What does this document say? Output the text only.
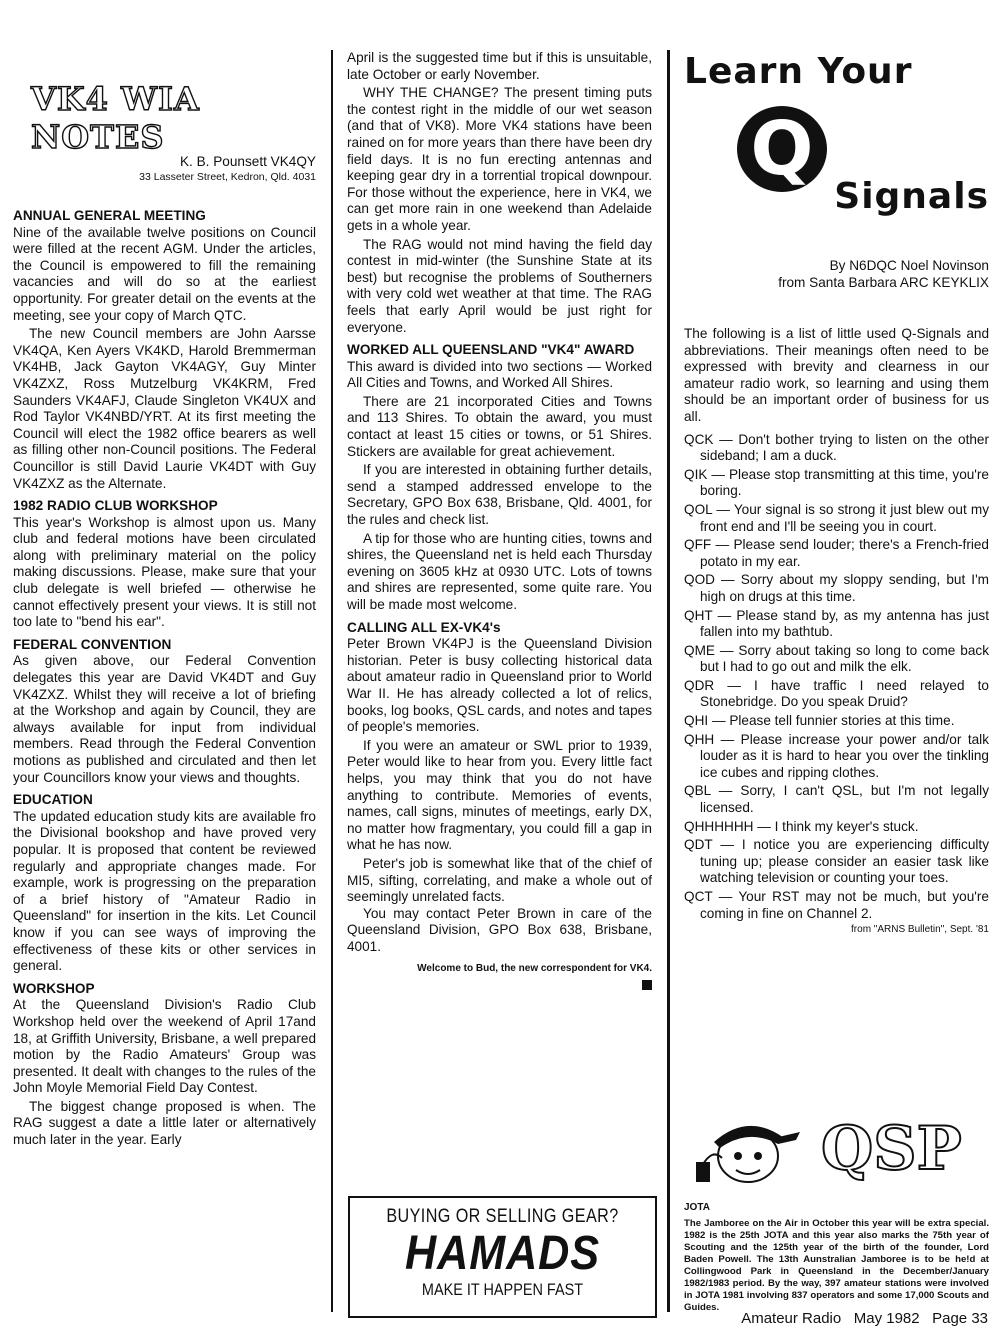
VK4 WIA NOTES
K. B. Pounsett VK4QY
33 Lasseter Street, Kedron, Qld. 4031
ANNUAL GENERAL MEETING

Nine of the available twelve positions on Council were filled at the recent AGM. Under the articles, the Council is empowered to fill the remaining vacancies and will do so at the earliest opportunity. For greater detail on the events at the meeting, see your copy of March QTC.

The new Council members are John Aarsse VK4QA, Ken Ayers VK4KD, Harold Bremmerman VK4HB, Jack Gayton VK4AGY, Guy Minter VK4ZXZ, Ross Mutzelburg VK4KRM, Fred Saunders VK4AFJ, Claude Singleton VK4UX and Rod Taylor VK4NBD/YRT. At its first meeting the Council will elect the 1982 office bearers as well as filling other non-Council positions. The Federal Councillor is still David Laurie VK4DT with Guy VK4ZXZ as the Alternate.

1982 RADIO CLUB WORKSHOP

This year's Workshop is almost upon us. Many club and federal motions have been circulated along with preliminary material on the policy making discussions. Please, make sure that your club delegate is well briefed — otherwise he cannot effectively present your views. It is still not too late to "bend his ear".

FEDERAL CONVENTION

As given above, our Federal Convention delegates this year are David VK4DT and Guy VK4ZXZ. Whilst they will receive a lot of briefing at the Workshop and again by Council, they are always available for input from individual members. Read through the Federal Convention motions as published and circulated and then let your Councillors know your views and thoughts.

EDUCATION

The updated education study kits are available fro the Divisional bookshop and have proved very popular. It is proposed that content be reviewed regularly and appropriate changes made. For example, work is progressing on the preparation of a brief history of "Amateur Radio in Queensland" for insertion in the kits. Let Council know if you can see ways of improving the effectiveness of these kits or other services in general.

WORKSHOP

At the Queensland Division's Radio Club Workshop held over the weekend of April 17and 18, at Griffith University, Brisbane, a well prepared motion by the Radio Amateurs' Group was presented. It dealt with changes to the rules of the John Moyle Memorial Field Day Contest.

The biggest change proposed is when. The RAG suggest a date a little later or alternatively much later in the year. Early

April is the suggested time but if this is unsuitable, late October or early November.

WHY THE CHANGE? The present timing puts the contest right in the middle of our wet season (and that of VK8). More VK4 stations have been rained on for more years than there have been dry field days. It is no fun erecting antennas and keeping gear dry in a torrential tropical downpour. For those without the experience, here in VK4, we can get more rain in one weekend than Adelaide gets in a whole year.

The RAG would not mind having the field day contest in mid-winter (the Sunshine State at its best) but recognise the problems of Southerners with very cold wet weather at that time. The RAG feels that early April would be just right for everyone.

WORKED ALL QUEENSLAND "VK4" AWARD

This award is divided into two sections — Worked All Cities and Towns, and Worked All Shires.

There are 21 incorporated Cities and Towns and 113 Shires. To obtain the award, you must contact at least 15 cities or towns, or 51 Shires. Stickers are available for great achievement.

If you are interested in obtaining further details, send a stamped addressed envelope to the Secretary, GPO Box 638, Brisbane, Qld. 4001, for the rules and check list.

A tip for those who are hunting cities, towns and shires, the Queensland net is held each Thursday evening on 3605 kHz at 0930 UTC. Lots of towns and shires are represented, some quite rare. You will be made most welcome.

CALLING ALL EX-VK4's

Peter Brown VK4PJ is the Queensland Division historian. Peter is busy collecting historical data about amateur radio in Queensland prior to World War II. He has already collected a lot of relics, books, log books, QSL cards, and notes and tapes of people's memories.

If you were an amateur or SWL prior to 1939, Peter would like to hear from you. Every little fact helps, you may think that you do not have anything to contribute. Memories of events, names, call signs, minutes of meetings, early DX, no matter how fragmentary, you could fill a gap in what he has now.

Peter's job is somewhat like that of the chief of MI5, sifting, correlating, and make a whole out of seemingly unrelated facts.

You may contact Peter Brown in care of the Queensland Division, GPO Box 638, Brisbane, 4001.

Welcome to Bud, the new correspondent for VK4.
BUYING OR SELLING GEAR?
HAMADS
MAKE IT HAPPEN FAST
Learn Your
Q
Signals
By N6DQC Noel Novinson
from Santa Barbara ARC KEYKLIX

The following is a list of little used Q-Signals and abbreviations. Their meanings often need to be expressed with brevity and clearness in our amateur radio work, so learning and using them should be an important order of business for us all.

QCK — Don't bother trying to listen on the other sideband; I am a duck.
QIK — Please stop transmitting at this time, you're boring.
QOL — Your signal is so strong it just blew out my front end and I'll be seeing you in court.
QFF — Please send louder; there's a French-fried potato in my ear.
QOD — Sorry about my sloppy sending, but I'm high on drugs at this time.
QHT — Please stand by, as my antenna has just fallen into my bathtub.
QME — Sorry about taking so long to come back but I had to go out and milk the elk.
QDR — I have traffic I need relayed to Stonebridge. Do you speak Druid?
QHI — Please tell funnier stories at this time.
QHH — Please increase your power and/or talk louder as it is hard to hear you over the tinkling ice cubes and ripping clothes.
QBL — Sorry, I can't QSL, but I'm not legally licensed.
QHHHHHH — I think my keyer's stuck.
QDT — I notice you are experiencing difficulty tuning up; please consider an easier task like watching television or counting your toes.
QCT — Your RST may not be much, but you're coming in fine on Channel 2.
from "ARNS Bulletin", Sept. '81
QSP
JOTA
The Jamboree on the Air in October this year will be extra special. 1982 is the 25th JOTA and this year also marks the 75th year of Scouting and the 125th year of the birth of the founder, Lord Baden Powell. The 13th Aunstralian Jamboree is to be he!d at Collingwood Park in Queensland in the December/January 1982/1983 period. By the way, 397 amateur stations were involved in JOTA 1981 involving 837 operators and some 17,000 Scouts and Guides.
Amateur Radio   May 1982   Page 33
